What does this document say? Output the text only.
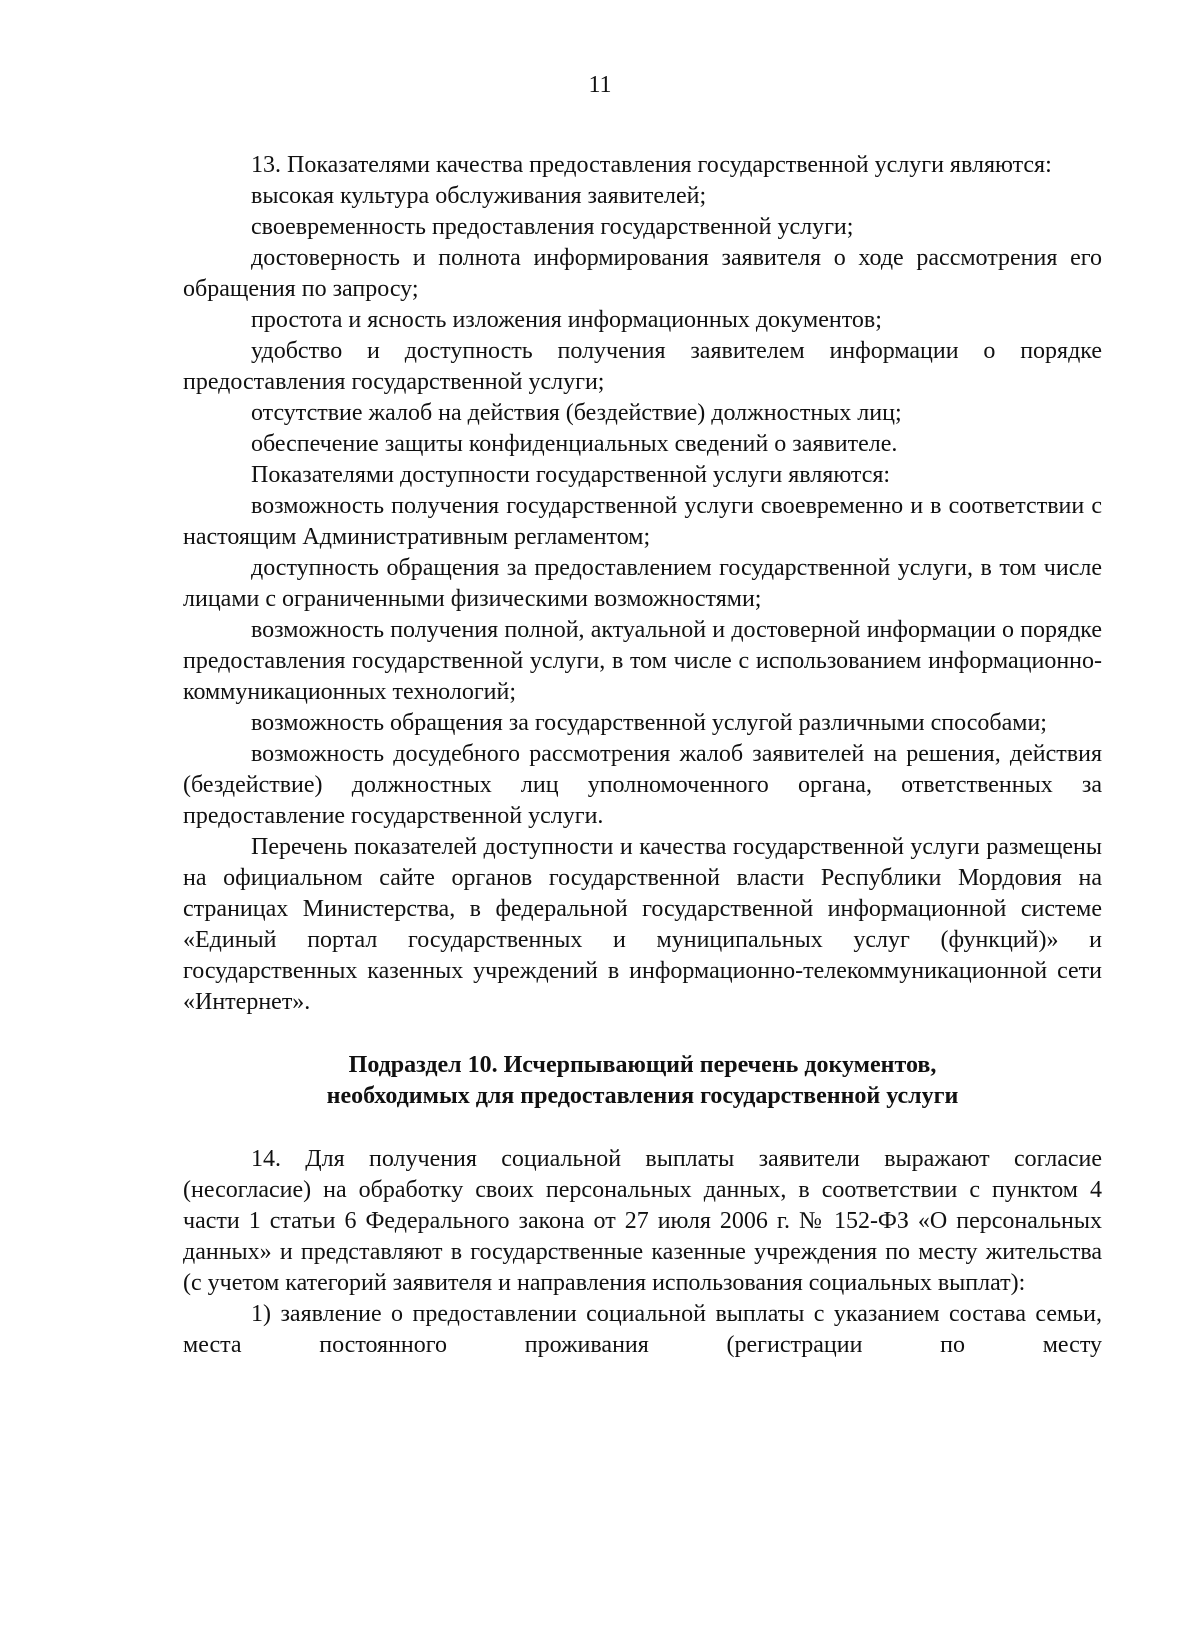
11

13. Показателями качества предоставления государственной услуги являются:

высокая культура обслуживания заявителей;

своевременность предоставления государственной услуги;

достоверность и полнота информирования заявителя о ходе рассмотрения его обращения по запросу;

простота и ясность изложения информационных документов;

удобство и доступность получения заявителем информации о порядке предоставления государственной услуги;

отсутствие жалоб на действия (бездействие) должностных лиц;

обеспечение защиты конфиденциальных сведений о заявителе.

Показателями доступности государственной услуги являются:

возможность получения государственной услуги своевременно и в соответствии с настоящим Административным регламентом;

доступность обращения за предоставлением государственной услуги, в том числе лицами с ограниченными физическими возможностями;

возможность получения полной, актуальной и достоверной информации о порядке предоставления государственной услуги, в том числе с использованием информационно-коммуникационных технологий;

возможность обращения за государственной услугой различными способами;

возможность досудебного рассмотрения жалоб заявителей на решения, действия (бездействие) должностных лиц уполномоченного органа, ответственных за предоставление государственной услуги.

Перечень показателей доступности и качества государственной услуги размещены на официальном сайте органов государственной власти Республики Мордовия на страницах Министерства, в федеральной государственной информационной системе «Единый портал государственных и муниципальных услуг (функций)» и государственных казенных учреждений в информационно-телекоммуникационной сети «Интернет».

Подраздел 10. Исчерпывающий перечень документов,
необходимых для предоставления государственной услуги

14. Для получения социальной выплаты заявители выражают согласие (несогласие) на обработку своих персональных данных, в соответствии с пунктом 4 части 1 статьи 6 Федерального закона от 27 июля 2006 г. № 152-ФЗ «О персональных данных» и представляют в государственные казенные учреждения по месту жительства (с учетом категорий заявителя и направления использования социальных выплат):

1) заявление о предоставлении социальной выплаты с указанием состава семьи, места постоянного проживания (регистрации по месту
